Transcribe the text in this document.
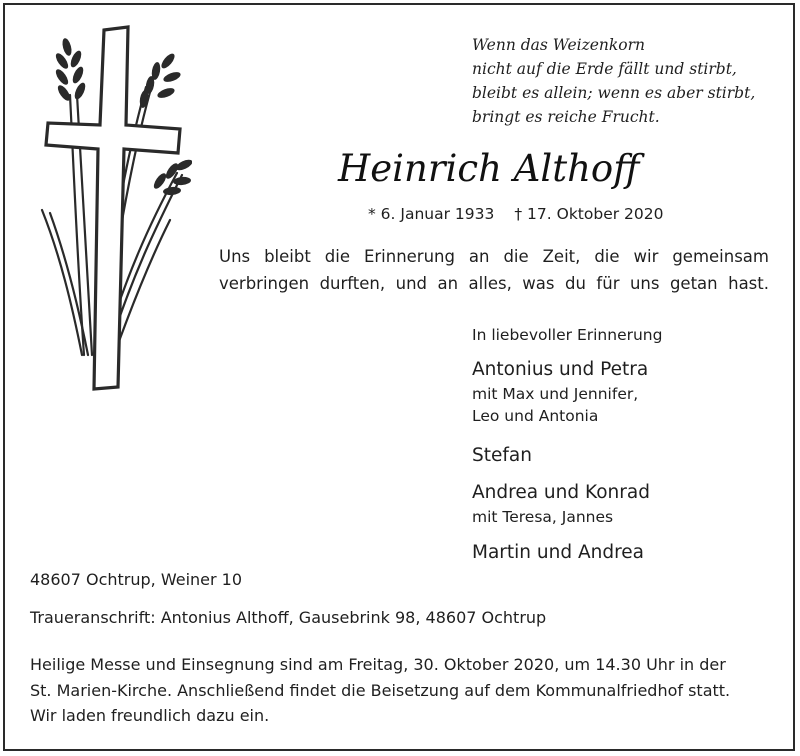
Wenn das Weizenkorn
nicht auf die Erde fällt und stirbt,
bleibt es allein; wenn es aber stirbt,
bringt es reiche Frucht.
Heinrich Althoff
* 6. Januar 1933 † 17. Oktober 2020
Uns bleibt die Erinnerung an die Zeit, die wir gemeinsam
verbringen durften, und an alles, was du für uns getan hast.
In liebevoller Erinnerung
Antonius und Petra
mit Max und Jennifer,
Leo und Antonia
Stefan
Andrea und Konrad
mit Teresa, Jannes
Martin und Andrea
48607 Ochtrup, Weiner 10
Traueranschrift: Antonius Althoff, Gausebrink 98, 48607 Ochtrup
Heilige Messe und Einsegnung sind am Freitag, 30. Oktober 2020, um 14.30 Uhr in der
St. Marien-Kirche. Anschließend findet die Beisetzung auf dem Kommunalfriedhof statt.
Wir laden freundlich dazu ein.
